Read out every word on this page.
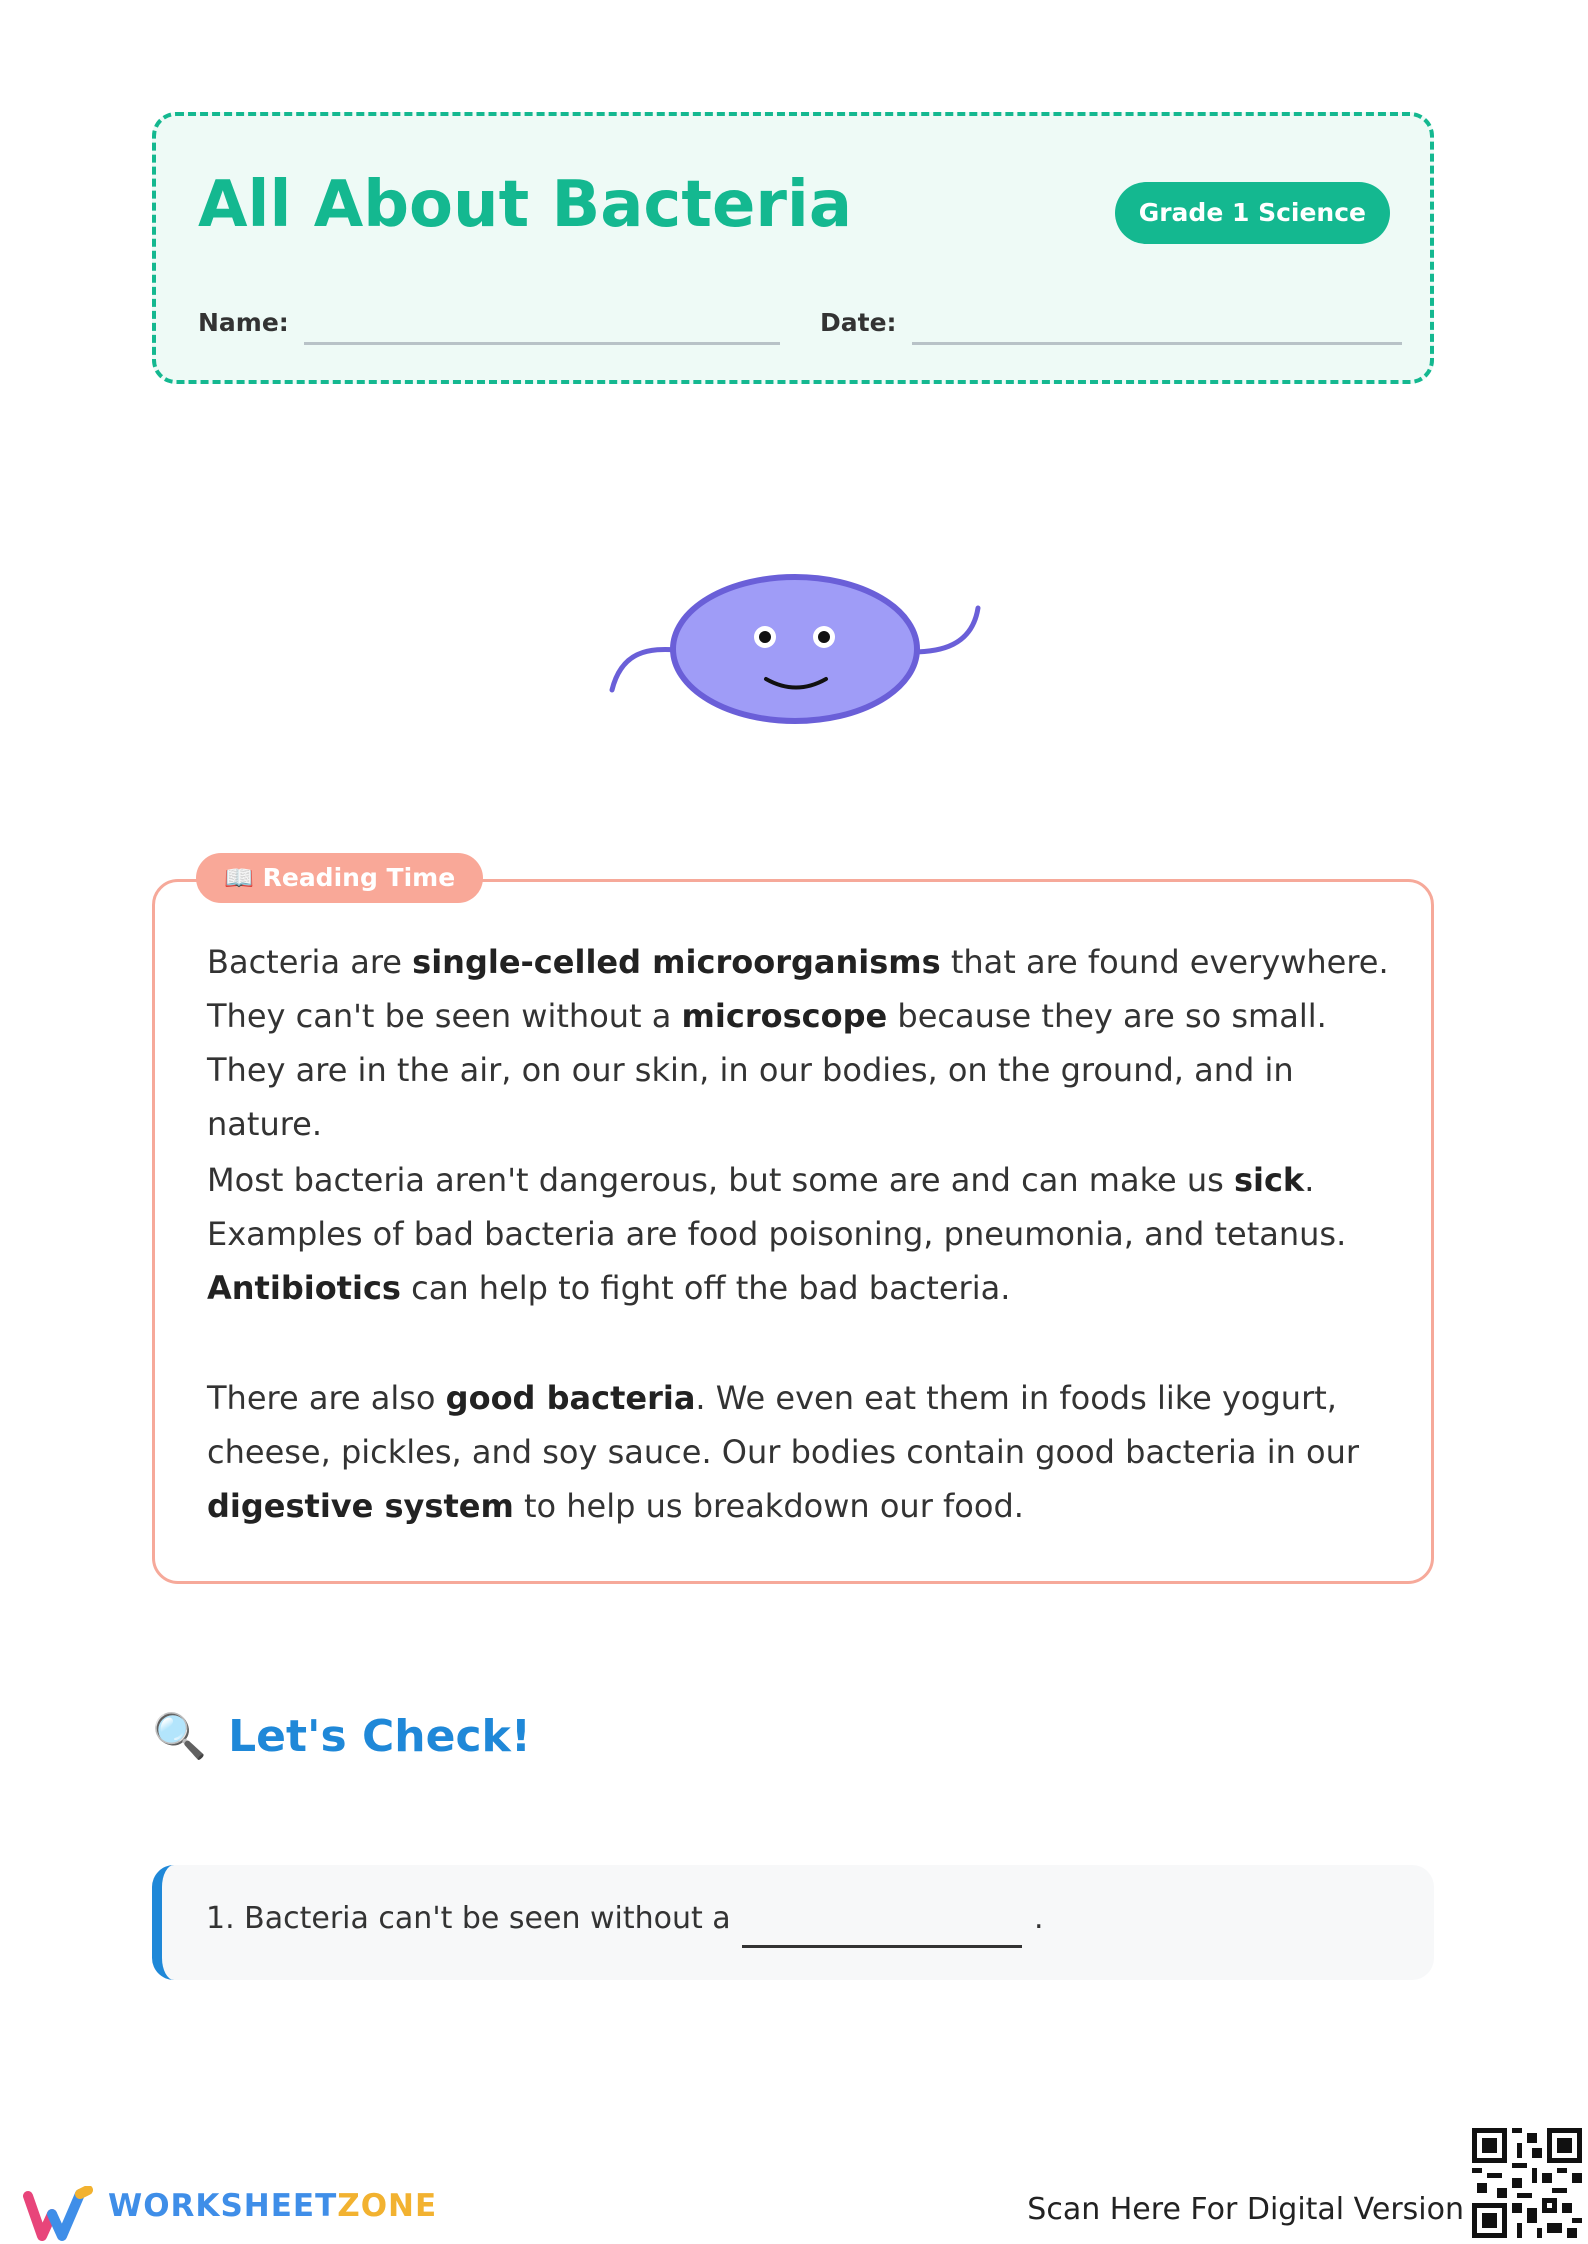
All About Bacteria	Grade 1 Science
Name:	Date:

Bacteria are single-celled microorganisms that are found everywhere. They can't be seen without a microscope because they are so small. They are in the air, on our skin, in our bodies, on the ground, and in nature.

Most bacteria aren't dangerous, but some are and can make us sick. Examples of bad bacteria are food poisoning, pneumonia, and tetanus. Antibiotics can help to fight off the bad bacteria.

There are also good bacteria. We even eat them in foods like yogurt, cheese, pickles, and soy sauce. Our bodies contain good bacteria in our digestive system to help us breakdown our food.

📖 Reading Time
🔍 Let's Check!
1. Bacteria can't be seen without a	.
WORKSHEETZONE	Scan Here For Digital Version
